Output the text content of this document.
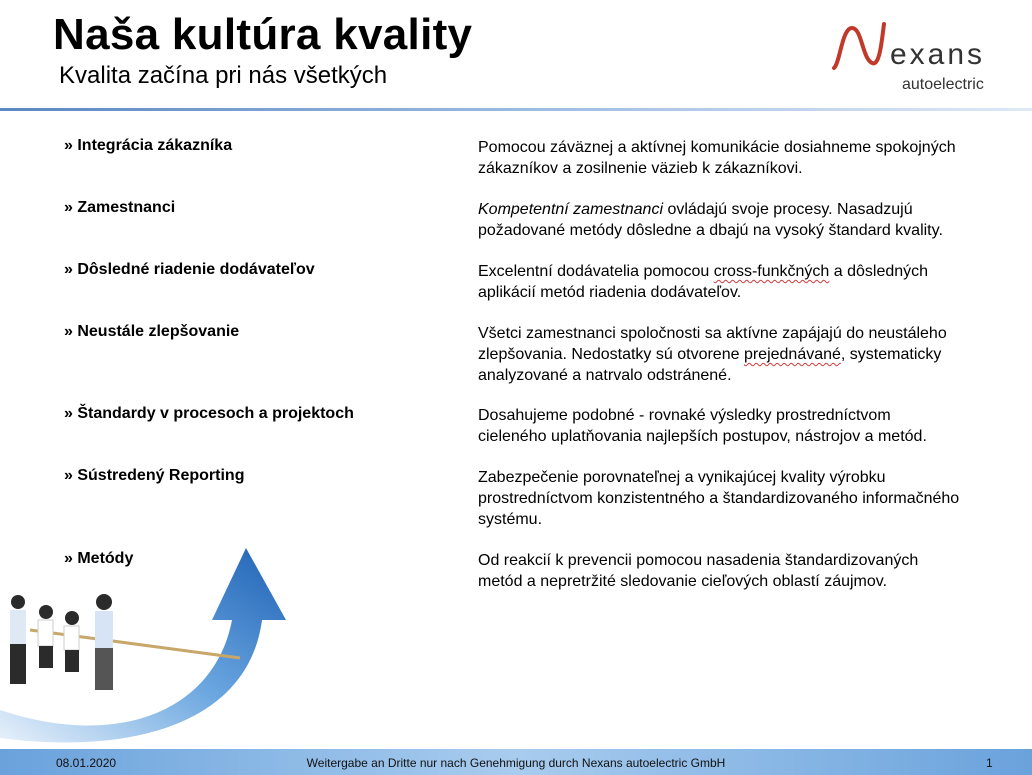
Naša kultúra kvality

Kvalita začína pri nás všetkých

exans
autoelectric
» Integrácia zákazníka	Pomocou záväznej a aktívnej komunikácie dosiahneme spokojných

zákazníkov a zosilnenie väzieb k zákazníkovi.

» Zamestnanci	Kompetentní zamestnanci ovládajú svoje procesy. Nasadzujú

požadované metódy dôsledne a dbajú na vysoký štandard kvality.

» Dôsledné riadenie dodávateľov	Excelentní dodávatelia pomocou cross-funkčných a dôsledných

aplikácií metód riadenia dodávateľov.

» Neustále zlepšovanie	Všetci zamestnanci spoločnosti sa aktívne zapájajú do neustáleho

zlepšovania. Nedostatky sú otvorene prejednávané, systematicky

analyzované a natrvalo odstránené.

» Štandardy v procesoch a projektoch	Dosahujeme podobné - rovnaké výsledky prostredníctvom

cieleného uplatňovania najlepších postupov, nástrojov a metód.

» Sústredený Reporting	Zabezpečenie porovnateľnej a vynikajúcej kvality výrobku

prostredníctvom konzistentného a štandardizovaného informačného

systému.

» Metódy	Od reakcií k prevencii pomocou nasadenia štandardizovaných

metód a nepretržité sledovanie cieľových oblastí záujmov.

08.01.2020	Weitergabe an Dritte nur nach Genehmigung durch Nexans autoelectric GmbH	1
